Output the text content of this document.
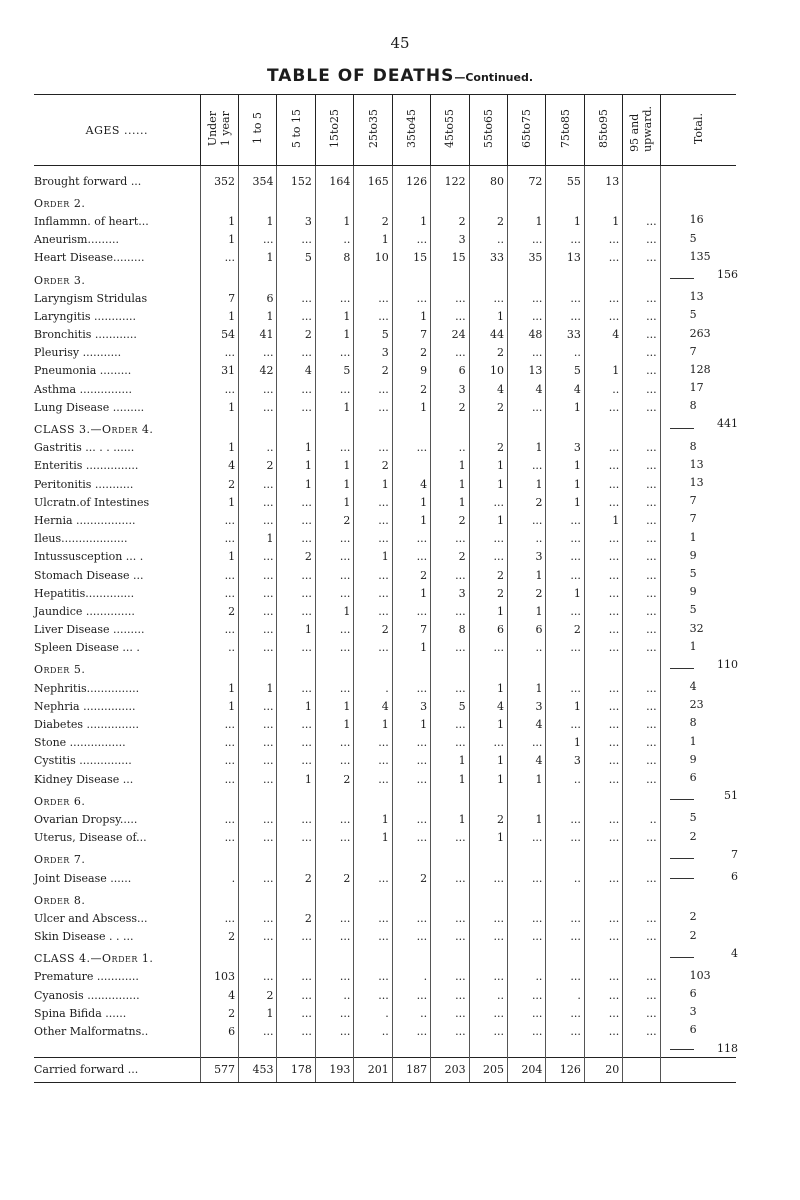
45
TABLE OF DEATHS—Continued.
AGES ......	Under
1 year	1 to 5	5 to 15	15to25	25to35	35to45	45to55	55to65	65to75	75to85	85to95	95 and
upward.	Total.
Brought forward ...	352	354	152	164	165	126	122	80	72	55	13		

Order 2.													

Inflammn. of heart...	1	1	3	1	2	1	2	2	1	1	1	...	16

Aneurism.........	1	...	...	..	1	...	3	..	...	...	...	...	5

Heart Disease.........	...	1	5	8	10	15	15	33	35	13	...	...	135

Order 3.													156

Laryngism Stridulas	7	6	...	...	...	...	...	...	...	...	...	...	13

Laryngitis ............	1	1	...	1	...	1	...	1	...	...	...	...	5

Bronchitis ............	54	41	2	1	5	7	24	44	48	33	4	...	263

Pleurisy ...........	...	...	...	...	3	2	...	2	...	..		...	7

Pneumonia .........	31	42	4	5	2	9	6	10	13	5	1	...	128

Asthma ...............	...	...	...	...	...	2	3	4	4	4	..	...	17

Lung Disease .........	1	...	...	1	...	1	2	2	...	1	...	...	8

CLASS 3.—Order 4.													441

Gastritis ... . . ......	1	..	1	...	...	...	..	2	1	3	...	...	8

Enteritis ...............	4	2	1	1	2		1	1	...	1	...	...	13

Peritonitis ...........	2	...	1	1	1	4	1	1	1	1	...	...	13

Ulcratn.of Intestines	1	...	...	1	...	1	1	...	2	1	...	...	7

Hernia .................	...	...	...	2	...	1	2	1	...	...	1	...	7

Ileus...................	...	1	...	...	...	...	...	...	..	...	...	...	1

Intussusception ... .	1	...	2	...	1	...	2	...	3	...	...	...	9

Stomach Disease ...	...	...	...	...	...	2	...	2	1	...	...	...	5

Hepatitis..............	...	...	...	...	...	1	3	2	2	1	...	...	9

Jaundice ..............	2	...	...	1	...	...	...	1	1	...	...	...	5

Liver Disease .........	...	...	1	...	2	7	8	6	6	2	...	...	32

Spleen Disease ... .	..	...	...	...	...	1	...	...	..	...	...	...	1

Order 5.													110

Nephritis...............	1	1	...	...	.	...	...	1	1	...	...	...	4

Nephria ...............	1	...	1	1	4	3	5	4	3	1	...	...	23

Diabetes ...............	...	...	...	1	1	1	...	1	4	...	...	...	8

Stone ................	...	...	...	...	...	...	...	...	...	1	...	...	1

Cystitis ...............	...	...	...	...	...	...	1	1	4	3	...	...	9

Kidney Disease ...	...	...	1	2	...	...	1	1	1	..	...	...	6

Order 6.													51

Ovarian Dropsy.....	...	...	...	...	1	...	1	2	1	...	...	..	5

Uterus, Disease of...	...	...	...	...	1	...	...	1	...	...	...	...	2

Order 7.													7

Joint Disease ......	.	...	2	2	...	2	...	...	...	..	...	...	6

Order 8.													

Ulcer and Abscess...	...	...	2	...	...	...	...	...	...	...	...	...	2

Skin Disease . . ...	2	...	...	...	...	...	...	...	...	...	...	...	2

CLASS 4.—Order 1.													4

Premature ............	103	...	...	...	...	.	...	...	..	...	...	...	103

Cyanosis ...............	4	2	...	..	...	...	...	..	...	.	...	...	6

Spina Bifida ......	2	1	...	...	.	..	...	...	...	...	...	...	3

Other Malformatns..	6	...	...	...	..	...	...	...	...	...	...	...	6

													118

Carried forward ...	577	453	178	193	201	187	203	205	204	126	20		
